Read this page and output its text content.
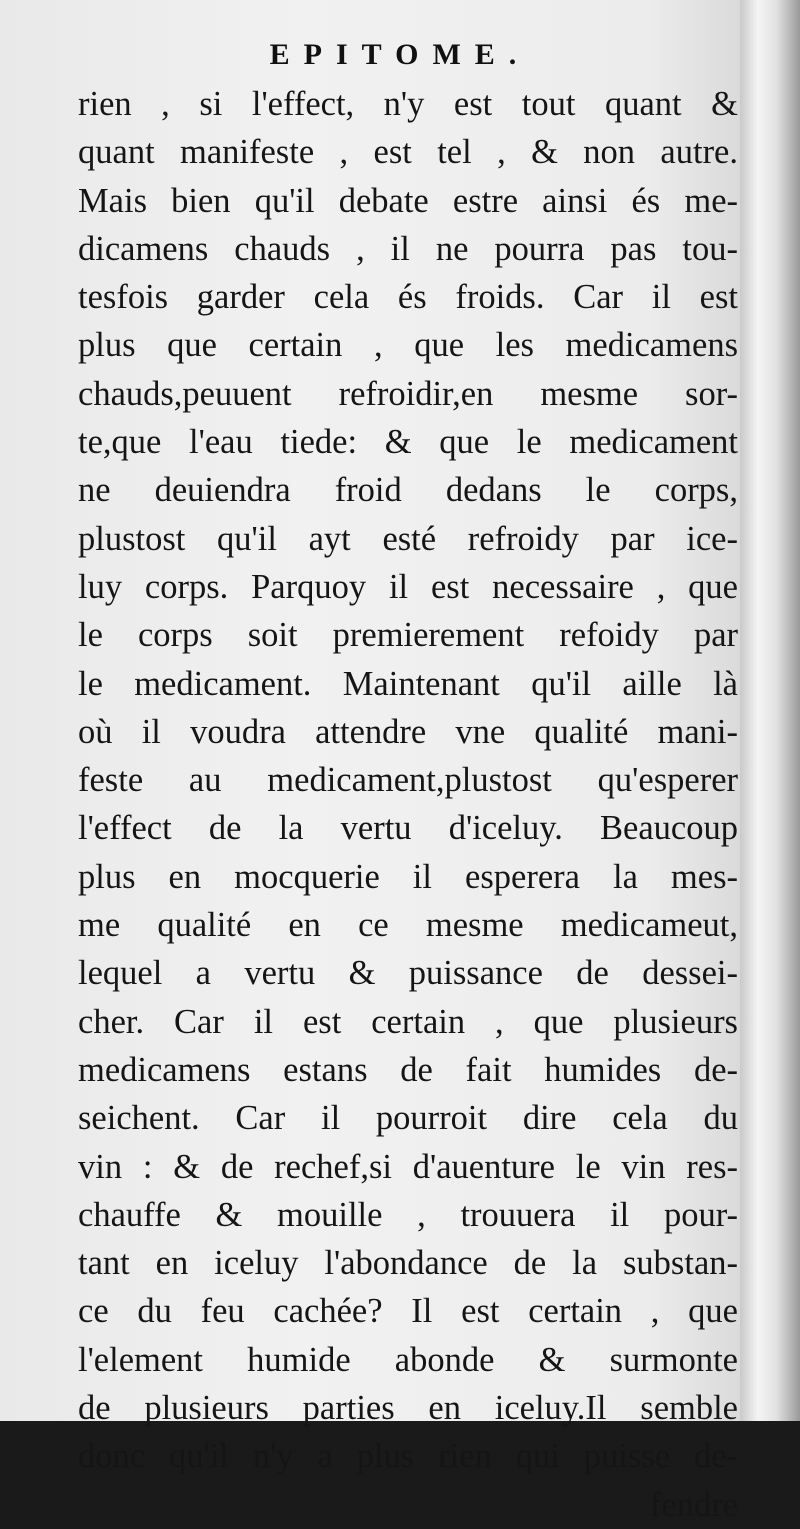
EPITOME.
rien , si l'effect, n'y est tout quant &
quant manifeste , est tel , & non autre.
Mais bien qu'il debate estre ainsi és me-
dicamens chauds , il ne pourra pas tou-
tesfois garder cela és froids. Car il est
plus que certain , que les medicamens
chauds,peuuent refroidir,en mesme sor-
te,que l'eau tiede: & que le medicament
ne deuiendra froid dedans le corps,
plustost qu'il ayt esté refroidy par ice-
luy corps. Parquoy il est necessaire , que
le corps soit premierement refoidy par
le medicament. Maintenant qu'il aille là
où il voudra attendre vne qualité mani-
feste au medicament,plustost qu'esperer
l'effect de la vertu d'iceluy. Beaucoup
plus en mocquerie il esperera la mes-
me qualité en ce mesme medicameut,
lequel a vertu & puissance de dessei-
cher. Car il est certain , que plusieurs
medicamens estans de fait humides de-
seichent. Car il pourroit dire cela du
vin : & de rechef,si d'auenture le vin res-
chauffe & mouille , trouuera il pour-
tant en iceluy l'abondance de la substan-
ce du feu cachée? Il est certain , que
l'element humide abonde & surmonte
de plusieurs parties en iceluy.Il semble
donc qu'il n'y a plus rien qui puisse de-
fendre
